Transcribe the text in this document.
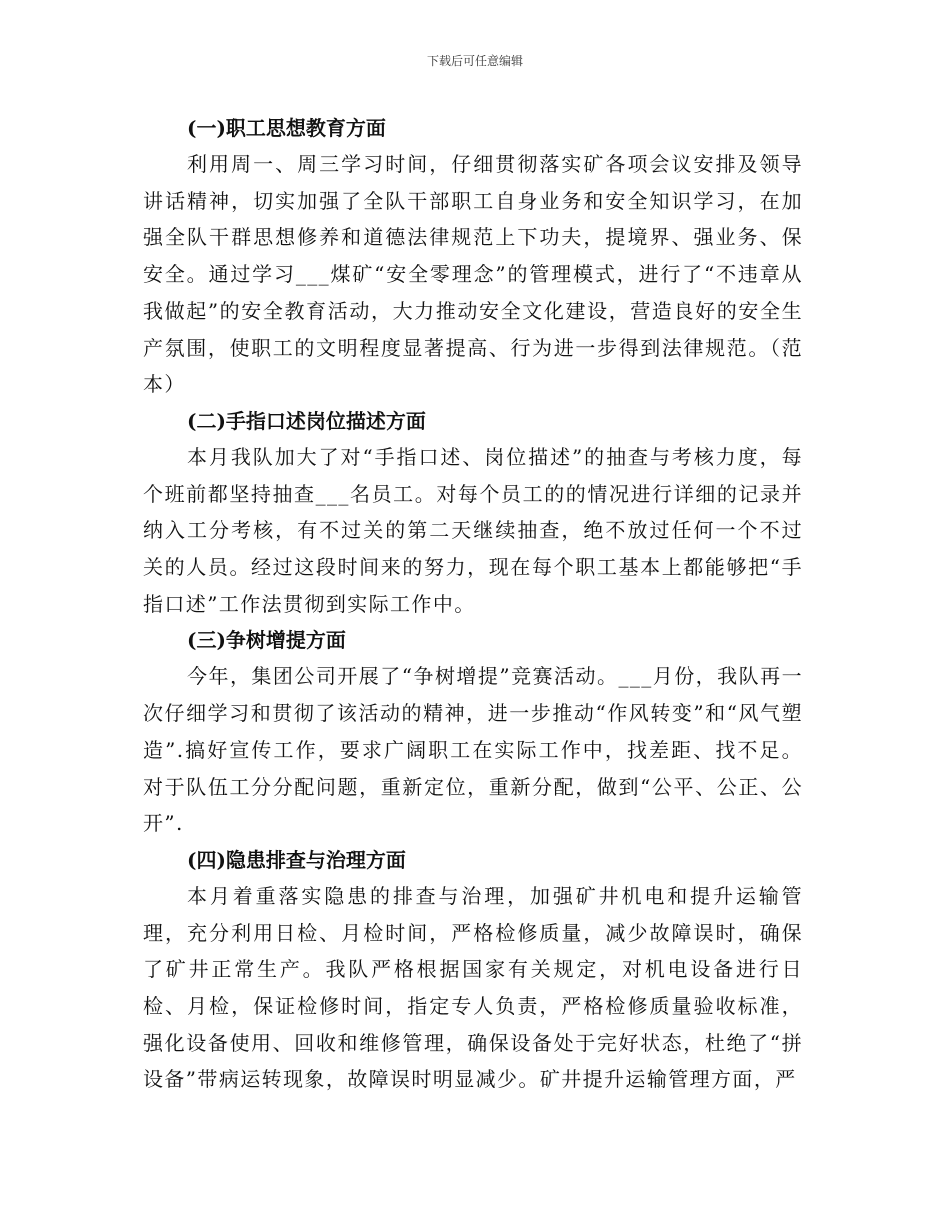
下载后可任意编辑
(一)职工思想教育方面

利用周一、周三学习时间，仔细贯彻落实矿各项会议安排及领导讲话精神，切实加强了全队干部职工自身业务和安全知识学习，在加强全队干群思想修养和道德法律规范上下功夫，提境界、强业务、保安全。通过学习___煤矿“安全零理念”的管理模式，进行了“不违章从我做起”的安全教育活动，大力推动安全文化建设，营造良好的安全生产氛围，使职工的文明程度显著提高、行为进一步得到法律规范。（范本）

(二)手指口述岗位描述方面

本月我队加大了对“手指口述、岗位描述”的抽查与考核力度，每个班前都坚持抽查___名员工。对每个员工的的情况进行详细的记录并纳入工分考核，有不过关的第二天继续抽查，绝不放过任何一个不过关的人员。经过这段时间来的努力，现在每个职工基本上都能够把“手指口述”工作法贯彻到实际工作中。

(三)争树增提方面

今年，集团公司开展了“争树增提”竞赛活动。___月份，我队再一次仔细学习和贯彻了该活动的精神，进一步推动“作风转变”和“风气塑造”.搞好宣传工作，要求广阔职工在实际工作中，找差距、找不足。对于队伍工分分配问题，重新定位，重新分配，做到“公平、公正、公开”.

(四)隐患排查与治理方面

本月着重落实隐患的排查与治理，加强矿井机电和提升运输管理，充分利用日检、月检时间，严格检修质量，减少故障误时，确保了矿井正常生产。我队严格根据国家有关规定，对机电设备进行日检、月检，保证检修时间，指定专人负责，严格检修质量验收标准，强化设备使用、回收和维修管理，确保设备处于完好状态，杜绝了“拼设备”带病运转现象，故障误时明显减少。矿井提升运输管理方面，严
